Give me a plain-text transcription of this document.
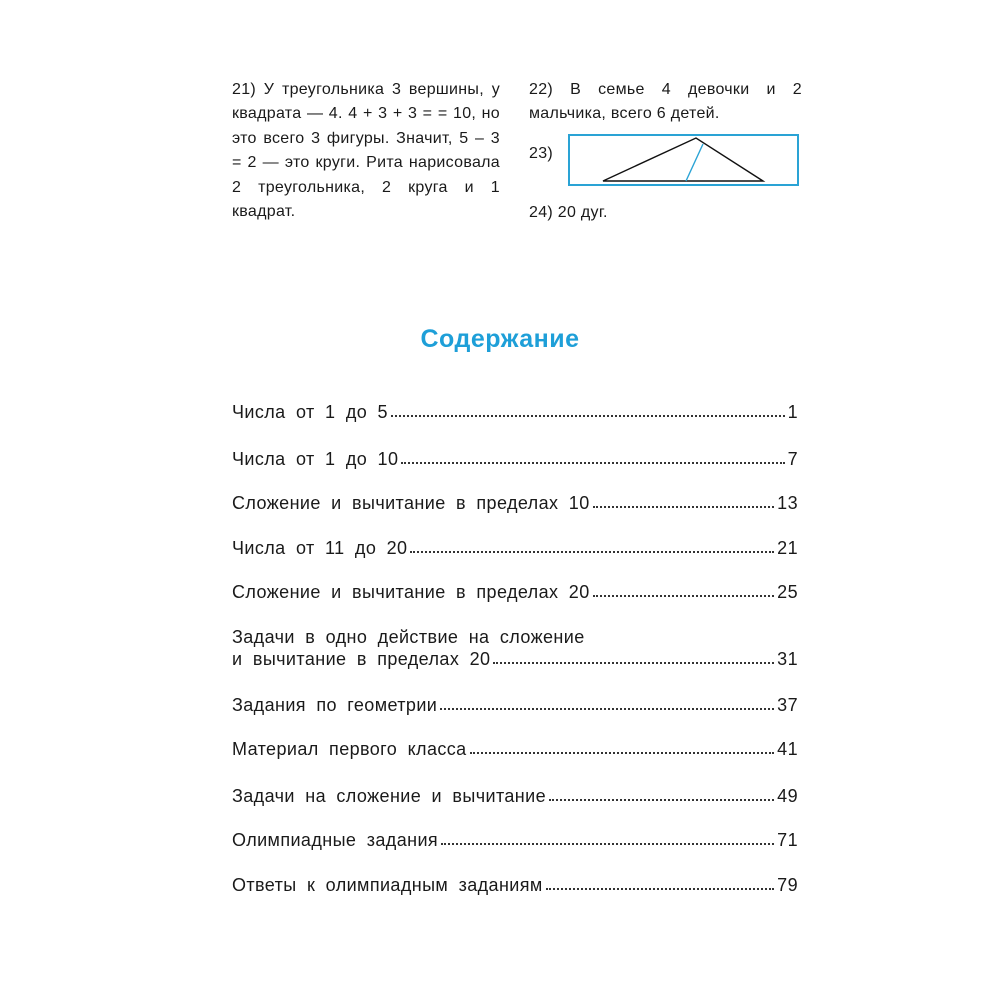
21) У треугольника 3 вершины, у квадрата — 4. 4 + 3 + 3 = = 10, но это всего 3 фигуры. Значит, 5 – 3 = 2 — это круги. Рита нарисовала 2 треугольника, 2 круга и 1 квадрат.
22) В семье 4 девочки и 2 мальчика, всего 6 детей.
23)
24) 20 дуг.
Содержание
Числа от 1 до 5	1
Числа от 1 до 10	7
Сложение и вычитание в пределах 10	13
Числа от 11 до 20	21
Сложение и вычитание в пределах 20	25
Задачи в одно действие на сложение
и вычитание в пределах 20	31
Задания по геометрии	37
Материал первого класса	41
Задачи на сложение и вычитание	49
Олимпиадные задания	71
Ответы к олимпиадным заданиям	79
